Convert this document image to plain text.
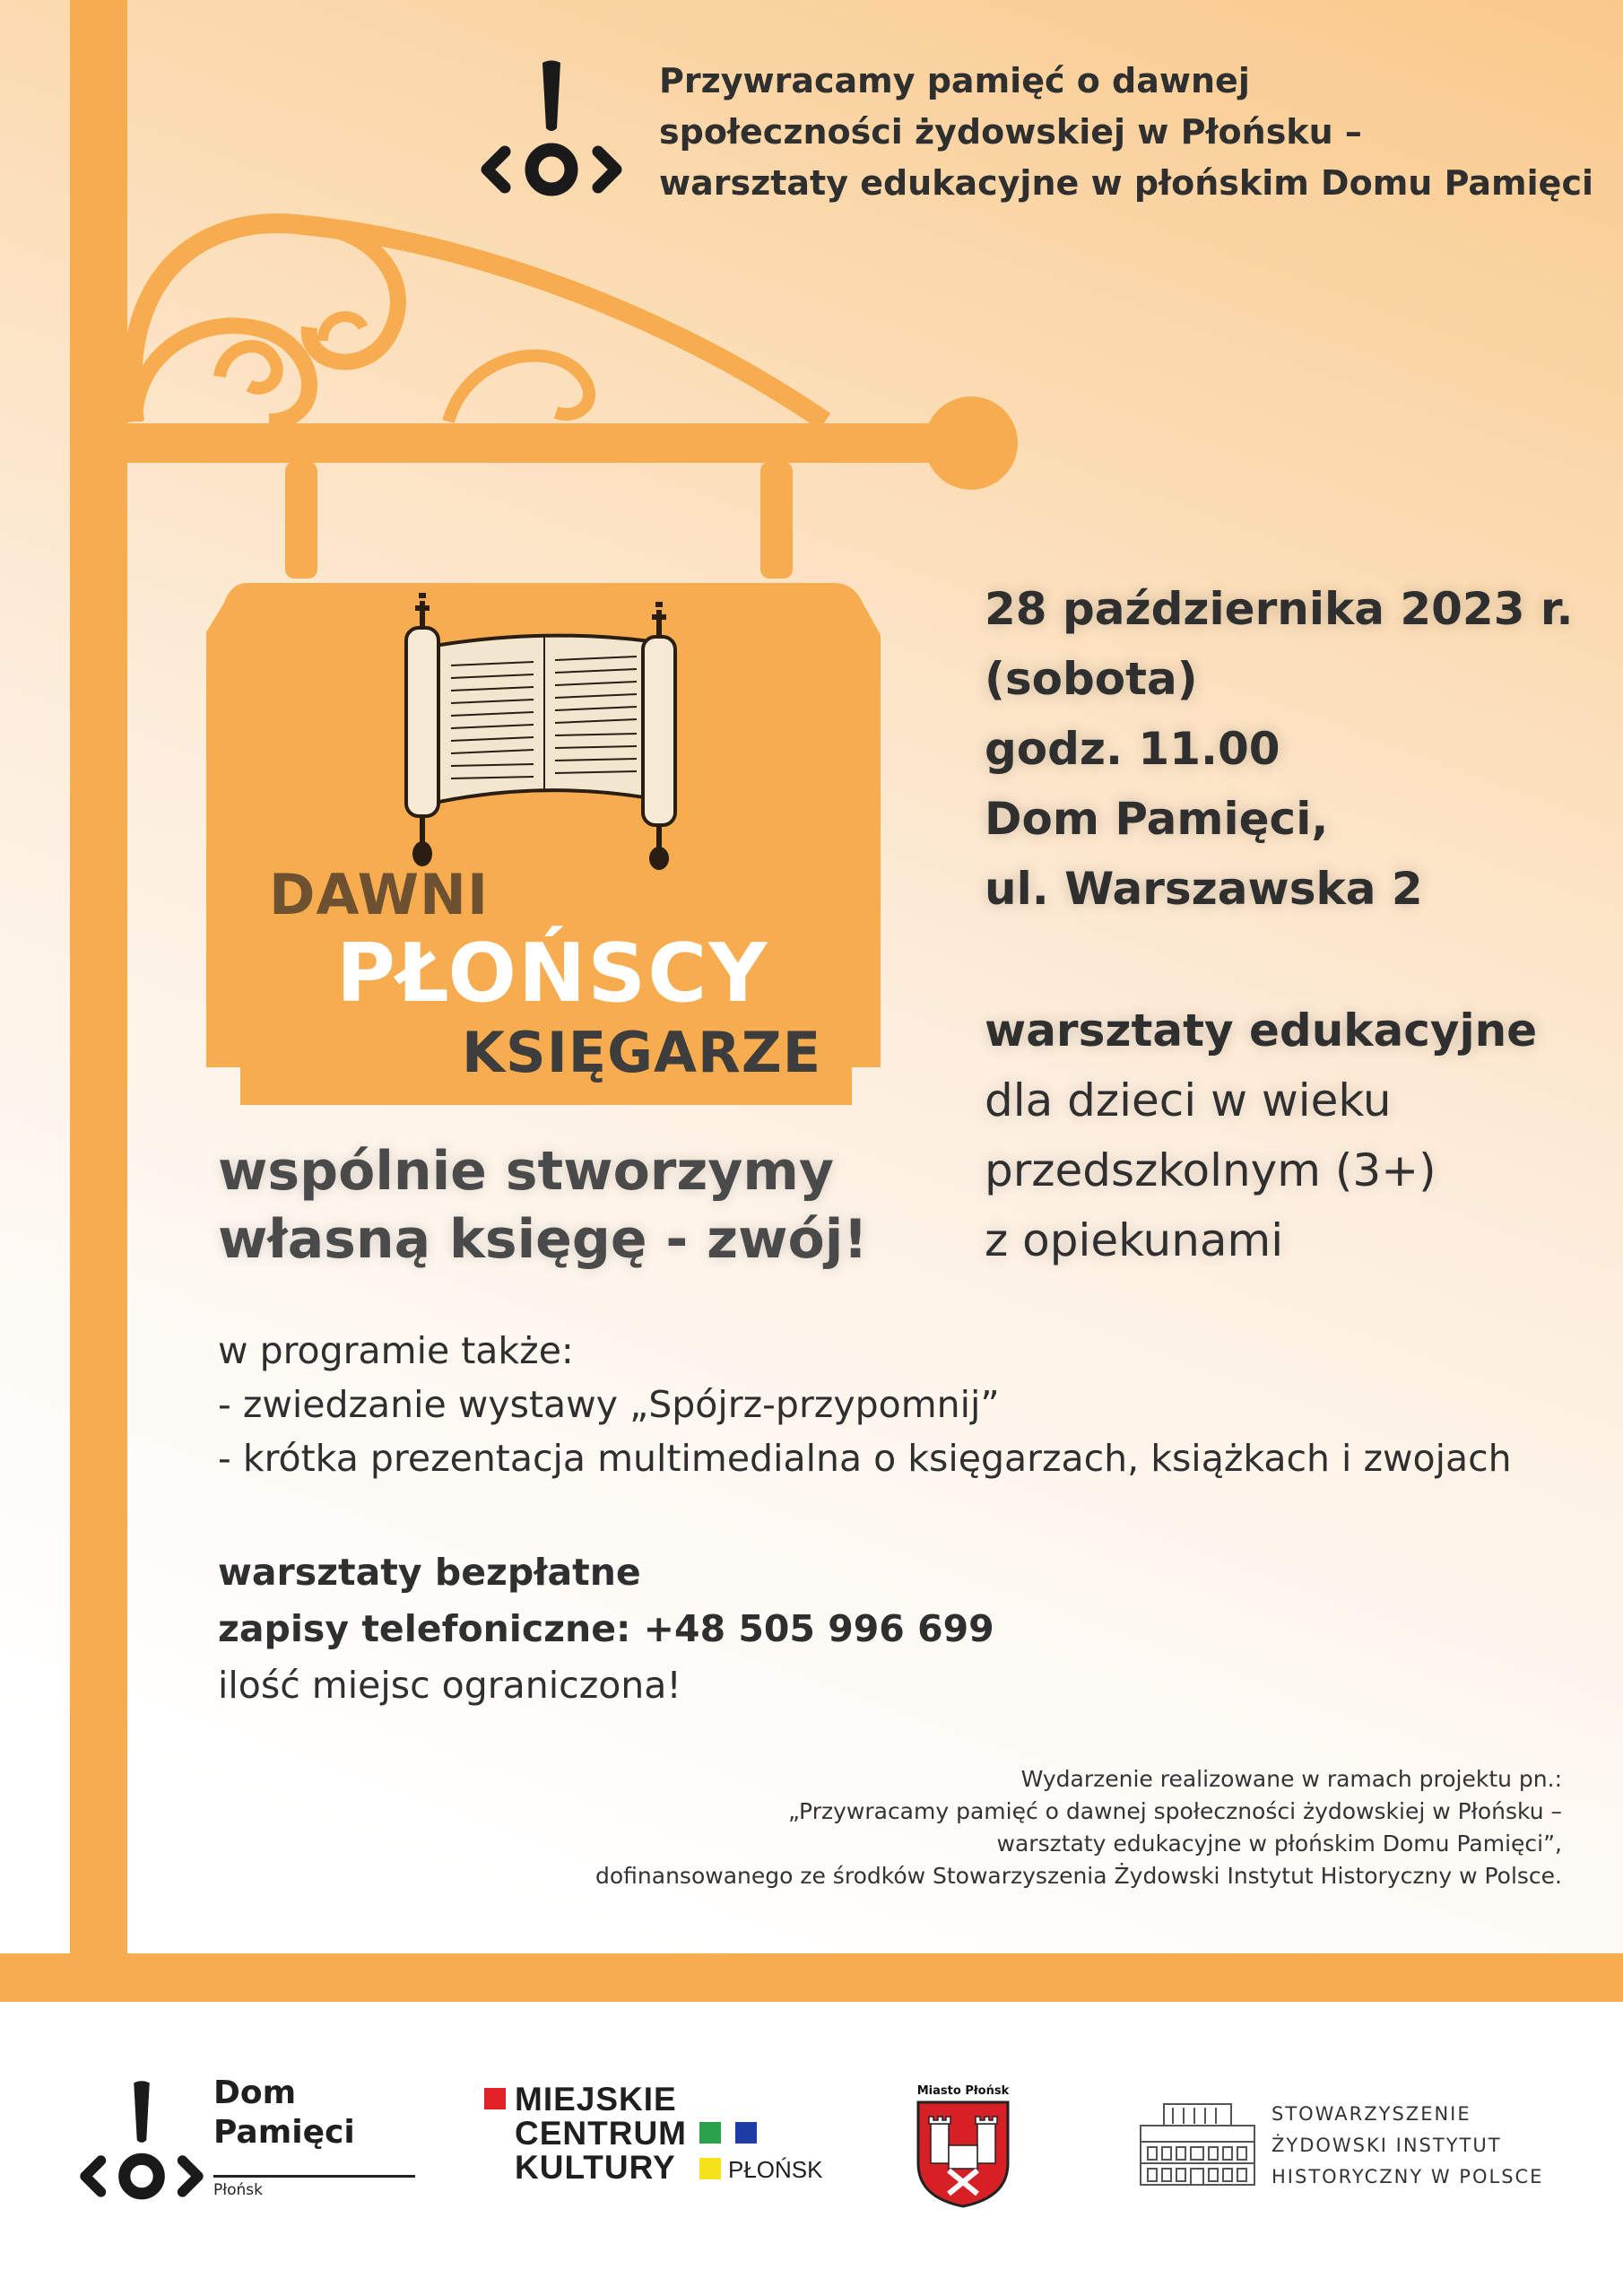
Przywracamy pamięć o dawnej
społeczności żydowskiej w Płońsku –
warsztaty edukacyjne w płońskim Domu Pamięci
DAWNI
PŁOŃSCY
KSIĘGARZE
wspólnie stworzymy
własną księgę - zwój!
28 października 2023 r.
(sobota)
godz. 11.00
Dom Pamięci,
ul. Warszawska 2
warsztaty edukacyjne
dla dzieci w wieku
przedszkolnym (3+)
z opiekunami
w programie także:
- zwiedzanie wystawy „Spójrz-przypomnij”
- krótka prezentacja multimedialna o księgarzach, książkach i zwojach
warsztaty bezpłatne
zapisy telefoniczne: +48 505 996 699
ilość miejsc ograniczona!
Wydarzenie realizowane w ramach projektu pn.:
„Przywracamy pamięć o dawnej społeczności żydowskiej w Płońsku –
warsztaty edukacyjne w płońskim Domu Pamięci”,
dofinansowanego ze środków Stowarzyszenia Żydowski Instytut Historyczny w Polsce.
Dom
Pamięci
Płońsk
MIEJSKIE
CENTRUM
KULTURY PŁOŃSK
Miasto Płońsk
STOWARZYSZENIE
ŻYDOWSKI INSTYTUT
HISTORYCZNY W POLSCE
